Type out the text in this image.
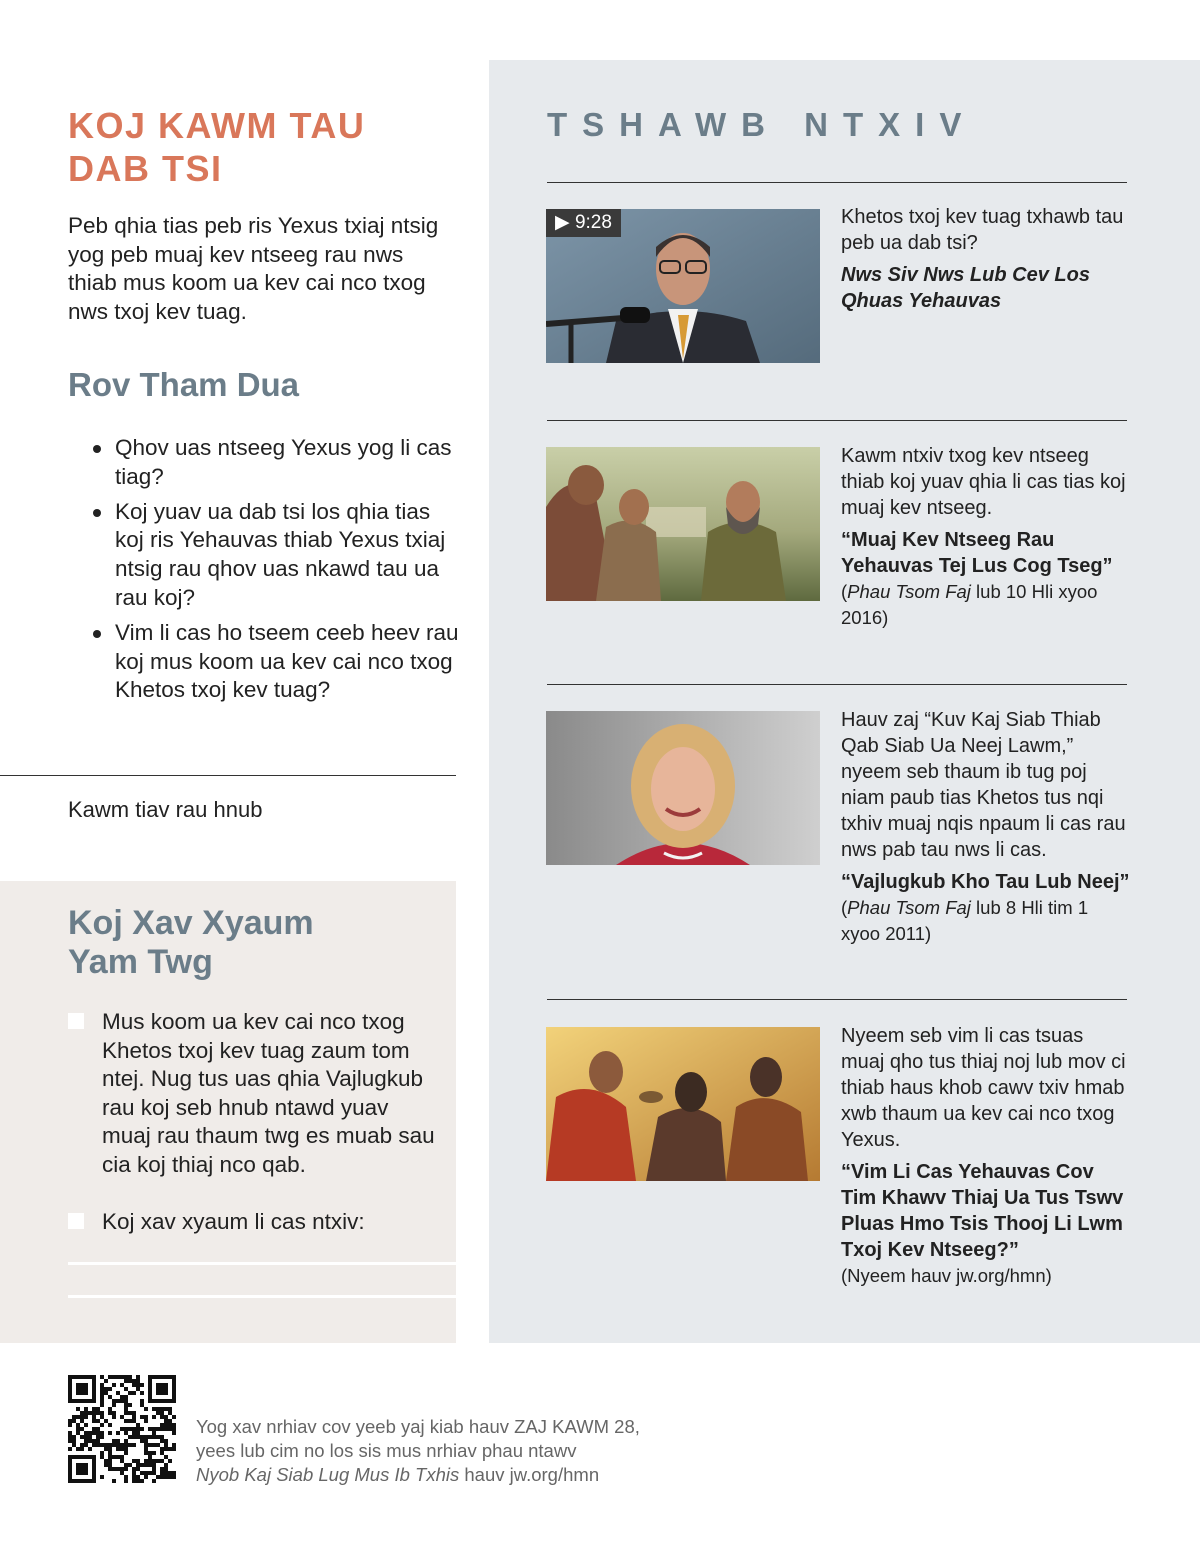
KOJ KAWM TAU
DAB TSI
Peb qhia tias peb ris Yexus txiaj ntsig yog peb muaj kev ntseeg rau nws thiab mus koom ua kev cai nco txog nws txoj kev tuag.
Rov Tham Dua
Qhov uas ntseeg Yexus yog li cas tiag?
Koj yuav ua dab tsi los qhia tias koj ris Yehauvas thiab Yexus txiaj ntsig rau qhov uas nkawd tau ua rau koj?
Vim li cas ho tseem ceeb heev rau koj mus koom ua kev cai nco txog Khetos txoj kev tuag?
Kawm tiav rau hnub
Koj Xav Xyaum
Yam Twg
Mus koom ua kev cai nco txog Khetos txoj kev tuag zaum tom ntej. Nug tus uas qhia Vajlugkub rau koj seb hnub ntawd yuav muaj rau thaum twg es muab sau cia koj thiaj nco qab.
Koj xav xyaum li cas ntxiv:
TSHAWB NTXIV
▶ 9:28	Khetos txoj kev tuag txhawb tau peb ua dab tsi?
Nws Siv Nws Lub Cev Los Qhuas Yehauvas
Kawm ntxiv txog kev ntseeg thiab koj yuav qhia li cas tias koj muaj kev ntseeg.
“Muaj Kev Ntseeg Rau Yehauvas Tej Lus Cog Tseg”
(Phau Tsom Faj lub 10 Hli xyoo 2016)
Hauv zaj “Kuv Kaj Siab Thiab Qab Siab Ua Neej Lawm,” nyeem seb thaum ib tug poj niam paub tias Khetos tus nqi txhiv muaj nqis npaum li cas rau nws pab tau nws li cas.
“Vajlugkub Kho Tau Lub Neej”
(Phau Tsom Faj lub 8 Hli tim 1 xyoo 2011)
Nyeem seb vim li cas tsuas muaj qho tus thiaj noj lub mov ci thiab haus khob cawv txiv hmab xwb thaum ua kev cai nco txog Yexus.
“Vim Li Cas Yehauvas Cov Tim Khawv Thiaj Ua Tus Tswv Pluas Hmo Tsis Thooj Li Lwm Txoj Kev Ntseeg?”
(Nyeem hauv jw.org/hmn)
Yog xav nrhiav cov yeeb yaj kiab hauv ZAJ KAWM 28,
yees lub cim no los sis mus nrhiav phau ntawv
Nyob Kaj Siab Lug Mus Ib Txhis hauv jw.org/hmn
